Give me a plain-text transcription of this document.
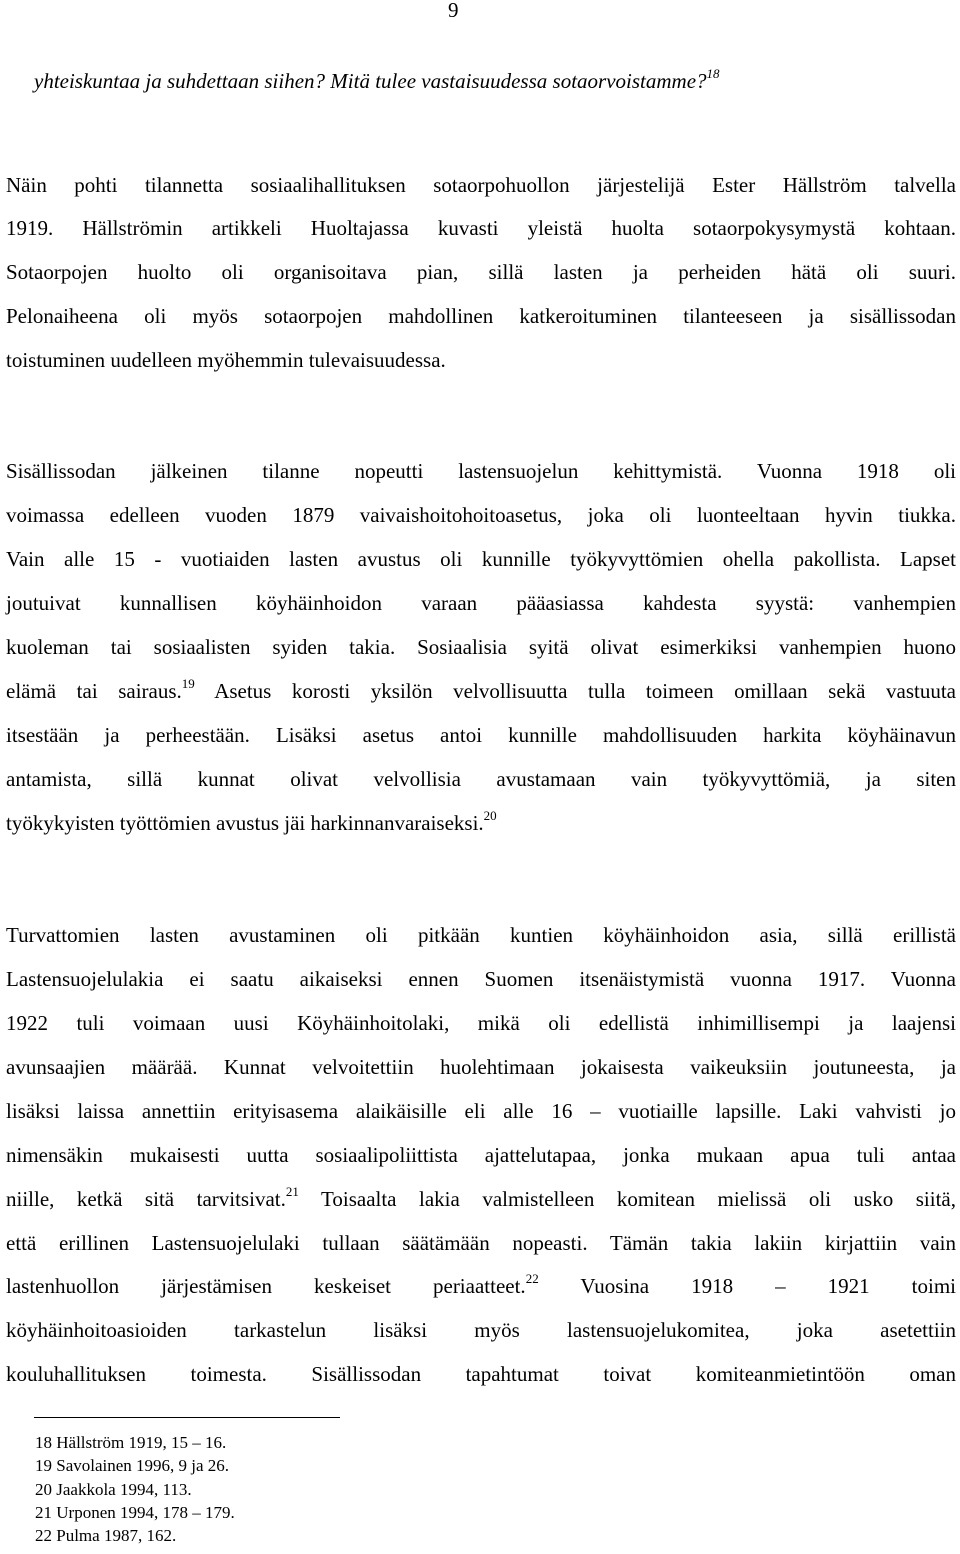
9
yhteiskuntaa ja suhdettaan siihen? Mitä tulee vastaisuudessa sotaorvoistamme?$^{18}$
Näin pohti tilannetta sosiaalihallituksen sotaorpohuollon järjestelijä Ester Hällström talvella
1919. Hällströmin artikkeli Huoltajassa kuvasti yleistä huolta sotaorpokysymystä kohtaan.
Sotaorpojen huolto oli organisoitava pian, sillä lasten ja perheiden hätä oli suuri.
Pelonaiheena oli myös sotaorpojen mahdollinen katkeroituminen tilanteeseen ja sisällissodan
toistuminen uudelleen myöhemmin tulevaisuudessa.
Sisällissodan jälkeinen tilanne nopeutti lastensuojelun kehittymistä. Vuonna 1918 oli
voimassa edelleen vuoden 1879 vaivaishoitohoitoasetus, joka oli luonteeltaan hyvin tiukka.
Vain alle 15 - vuotiaiden lasten avustus oli kunnille työkyvyttömien ohella pakollista. Lapset
joutuivat kunnallisen köyhäinhoidon varaan pääasiassa kahdesta syystä: vanhempien
kuoleman tai sosiaalisten syiden takia. Sosiaalisia syitä olivat esimerkiksi vanhempien huono
elämä tai sairaus.$^{19}$ Asetus korosti yksilön velvollisuutta tulla toimeen omillaan sekä vastuuta
itsestään ja perheestään. Lisäksi asetus antoi kunnille mahdollisuuden harkita köyhäinavun
antamista, sillä kunnat olivat velvollisia avustamaan vain työkyvyttömiä, ja siten
työkykyisten työttömien avustus jäi harkinnanvaraiseksi.$^{20}$
Turvattomien lasten avustaminen oli pitkään kuntien köyhäinhoidon asia, sillä erillistä
Lastensuojelulakia ei saatu aikaiseksi ennen Suomen itsenäistymistä vuonna 1917. Vuonna
1922 tuli voimaan uusi Köyhäinhoitolaki, mikä oli edellistä inhimillisempi ja laajensi
avunsaajien määrää. Kunnat velvoitettiin huolehtimaan jokaisesta vaikeuksiin joutuneesta, ja
lisäksi laissa annettiin erityisasema alaikäisille eli alle 16 – vuotiaille lapsille. Laki vahvisti jo
nimensäkin mukaisesti uutta sosiaalipoliittista ajattelutapaa, jonka mukaan apua tuli antaa
niille, ketkä sitä tarvitsivat.$^{21}$ Toisaalta lakia valmistelleen komitean mielissä oli usko siitä,
että erillinen Lastensuojelulaki tullaan säätämään nopeasti. Tämän takia lakiin kirjattiin vain
lastenhuollon järjestämisen keskeiset periaatteet.$^{22}$ Vuosina 1918 – 1921 toimi
köyhäinhoitoasioiden tarkastelun lisäksi myös lastensuojelukomitea, joka asetettiin
kouluhallituksen toimesta. Sisällissodan tapahtumat toivat komiteanmietintöön oman
18 Hällström 1919, 15 – 16.
19 Savolainen 1996, 9 ja 26.
20 Jaakkola 1994, 113.
21 Urponen 1994, 178 – 179.
22 Pulma 1987, 162.
